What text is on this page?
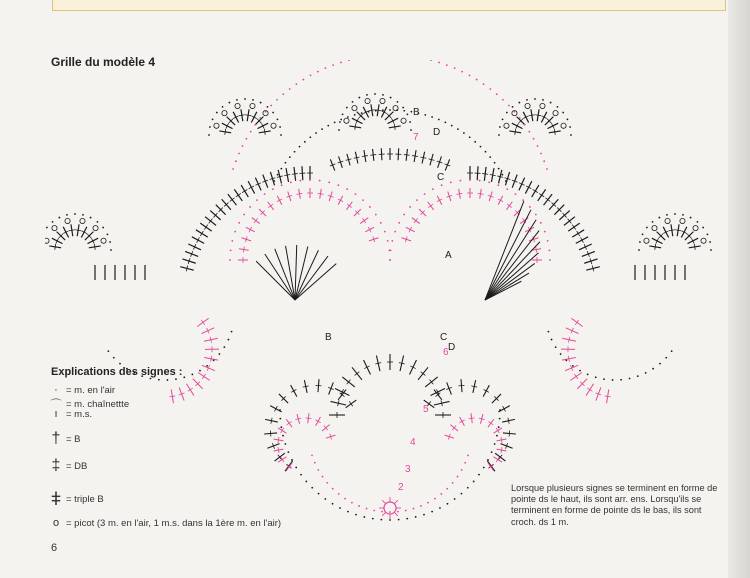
Grille du modèle 4
B
D
C
A
B	C
D
7
6
5
4
3
2
Explications des signes :
· = m. en l'air
⌒ = m. chaînettte
ı = m.s.
† = B
‡ = DB
ǂ = triple B
o = picot (3 m. en l'air, 1 m.s. dans la 1ère m. en l'air)
Lorsque plusieurs signes se terminent en forme de pointe ds le haut, ils sont arr. ens. Lorsqu'ils se terminent en forme de pointe ds le bas, ils sont croch. ds 1 m.
6
